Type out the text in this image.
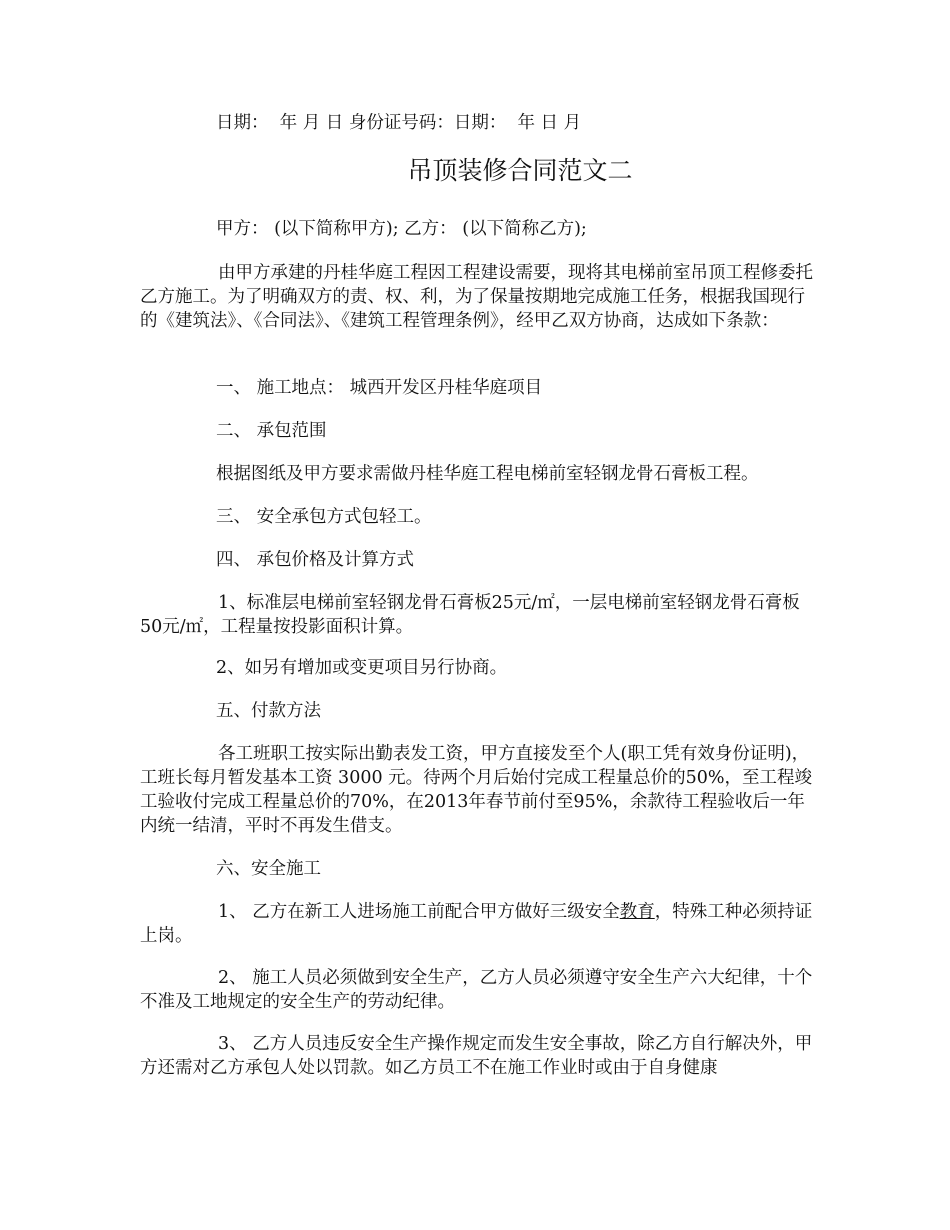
日期：  年 月 日 身份证号码：日期：  年 日 月
吊顶装修合同范文二
甲方： (以下简称甲方); 乙方： (以下简称乙方);

由甲方承建的丹桂华庭工程因工程建设需要，现将其电梯前室吊顶工程修委托乙方施工。为了明确双方的责、权、利，为了保量按期地完成施工任务，根据我国现行的《建筑法》、《合同法》、《建筑工程管理条例》，经甲乙双方协商，达成如下条款：

一、 施工地点： 城西开发区丹桂华庭项目
二、 承包范围
根据图纸及甲方要求需做丹桂华庭工程电梯前室轻钢龙骨石膏板工程。
三、 安全承包方式包轻工。
四、 承包价格及计算方式

1、标准层电梯前室轻钢龙骨石膏板25元/㎡，一层电梯前室轻钢龙骨石膏板50元/㎡，工程量按投影面积计算。

2、如另有增加或变更项目另行协商。
五、付款方法

各工班职工按实际出勤表发工资，甲方直接发至个人(职工凭有效身份证明)，工班长每月暂发基本工资 3000 元。待两个月后始付完成工程量总价的50%，至工程竣工验收付完成工程量总价的70%，在2013年春节前付至95%，余款待工程验收后一年内统一结清，平时不再发生借支。

六、安全施工

1、 乙方在新工人进场施工前配合甲方做好三级安全教育，特殊工种必须持证上岗。

2、 施工人员必须做到安全生产，乙方人员必须遵守安全生产六大纪律，十个不准及工地规定的安全生产的劳动纪律。

3、 乙方人员违反安全生产操作规定而发生安全事故，除乙方自行解决外，甲方还需对乙方承包人处以罚款。如乙方员工不在施工作业时或由于自身健康
